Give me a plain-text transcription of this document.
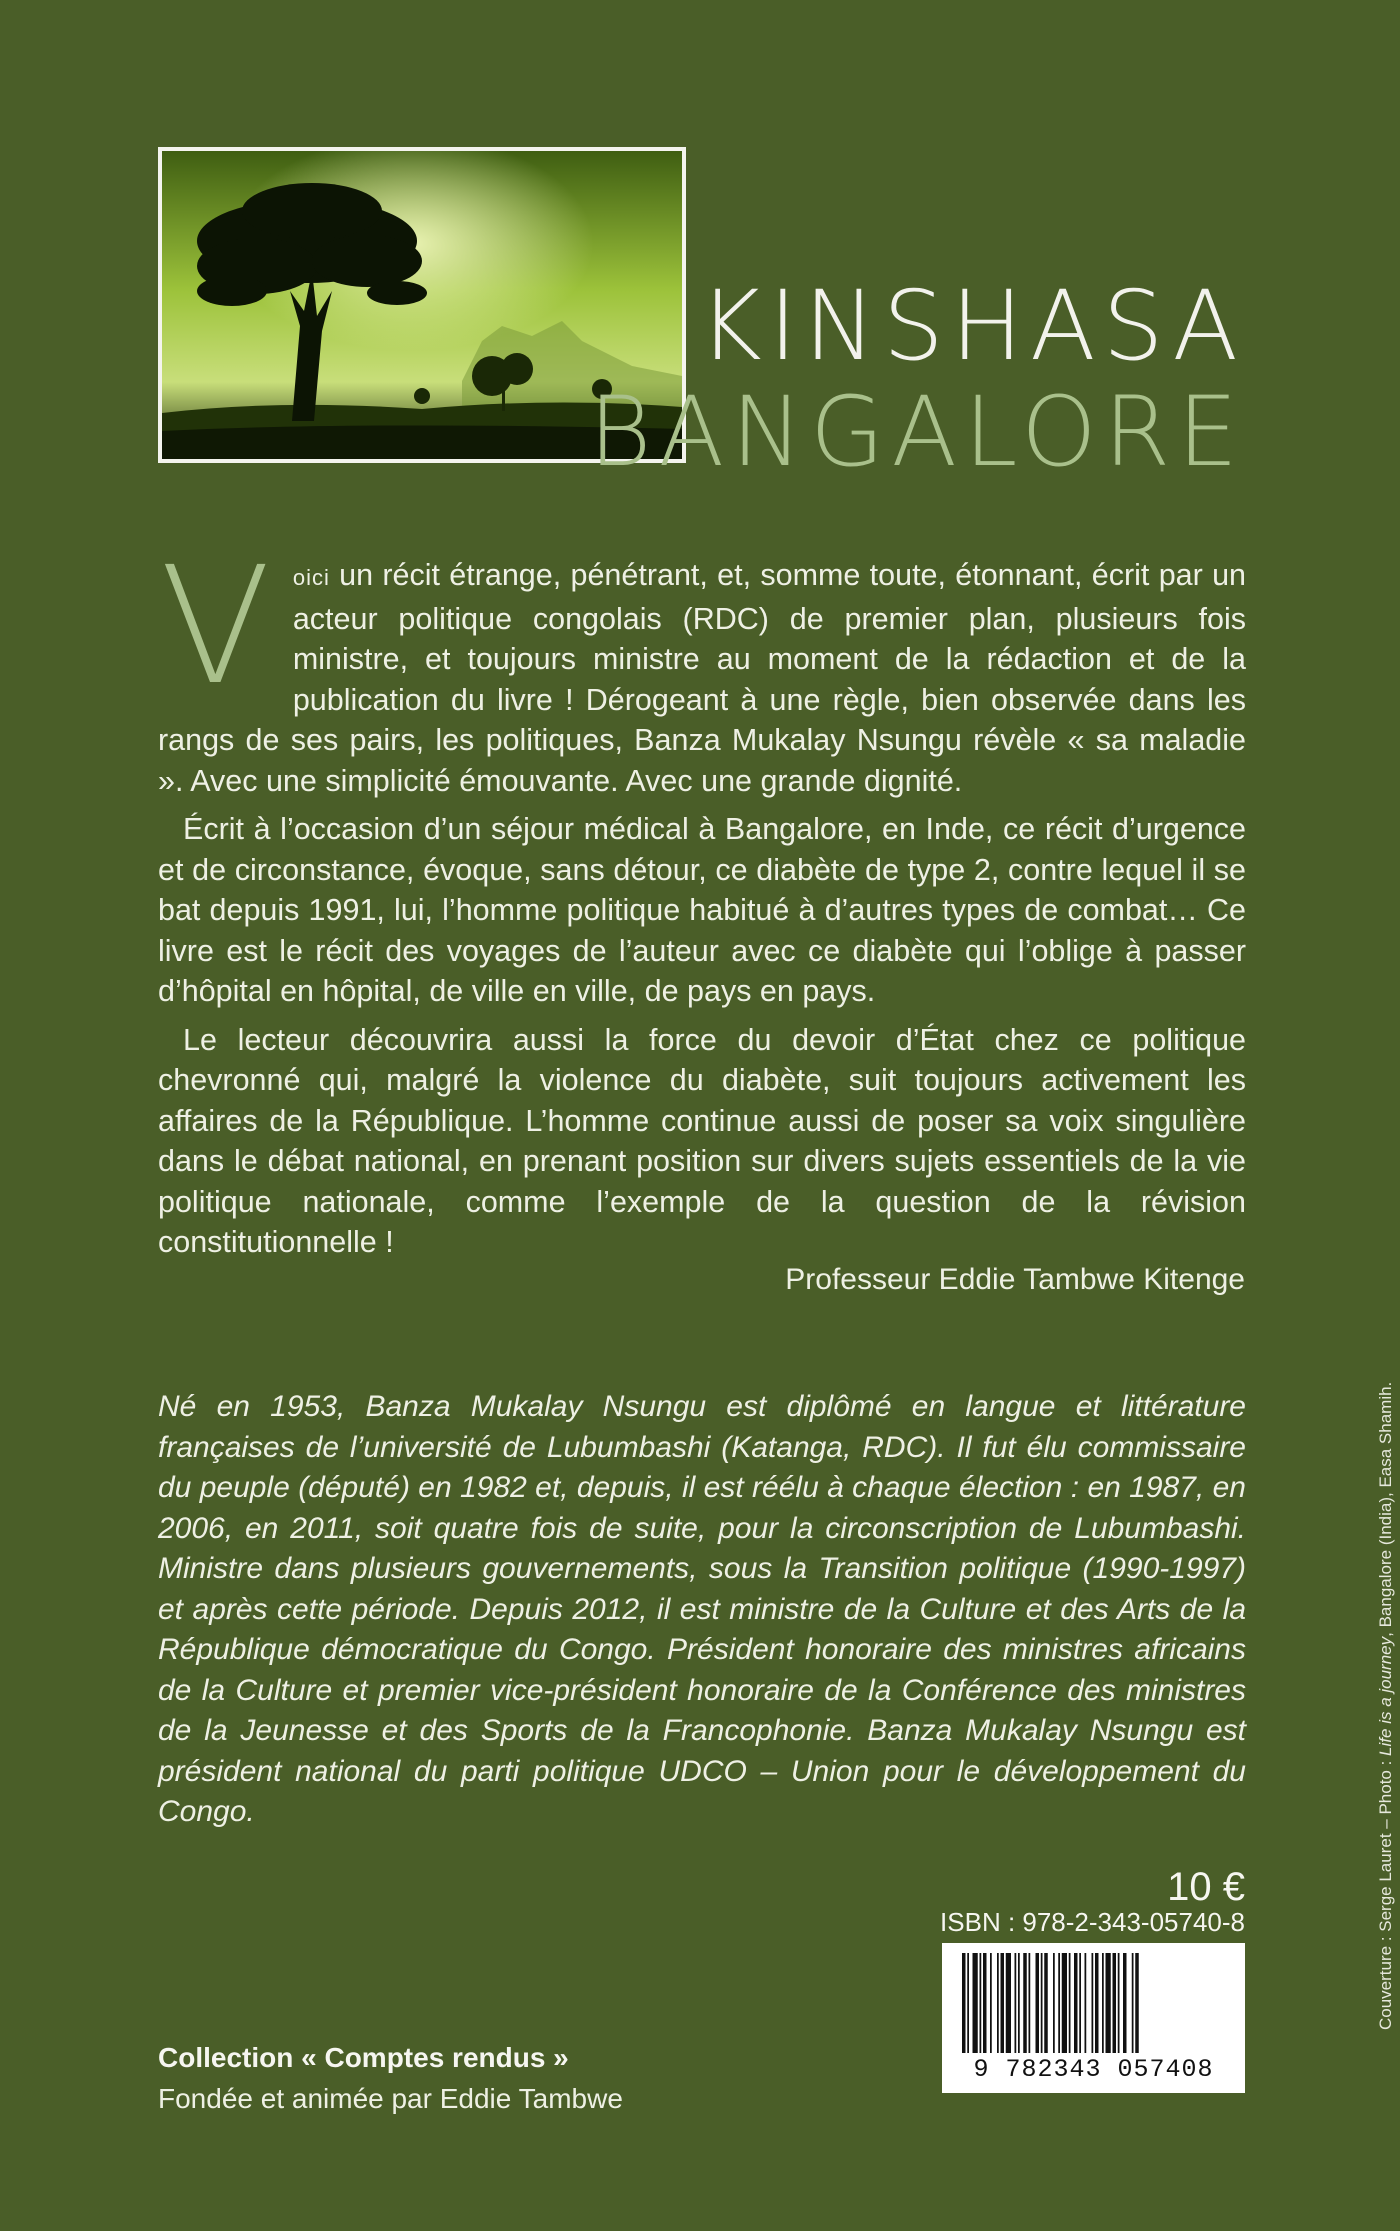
KINSHASA
BANGALORE

V oici un récit étrange, pénétrant, et, somme toute, étonnant, écrit par un acteur politique congolais (RDC) de premier plan, plusieurs fois ministre, et toujours ministre au moment de la rédaction et de la publication du livre ! Dérogeant à une règle, bien observée dans les rangs de ses pairs, les politiques, Banza Mukalay Nsungu révèle « sa maladie ». Avec une simplicité émouvante. Avec une grande dignité.

Écrit à l’occasion d’un séjour médical à Bangalore, en Inde, ce récit d’urgence et de circonstance, évoque, sans détour, ce diabète de type 2, contre lequel il se bat depuis 1991, lui, l’homme politique habitué à d’autres types de combat… Ce livre est le récit des voyages de l’auteur avec ce diabète qui l’oblige à passer d’hôpital en hôpital, de ville en ville, de pays en pays.

Le lecteur découvrira aussi la force du devoir d’État chez ce politique chevronné qui, malgré la violence du diabète, suit toujours activement les affaires de la République. L’homme continue aussi de poser sa voix singulière dans le débat national, en prenant position sur divers sujets essentiels de la vie politique nationale, comme l’exemple de la question de la révision constitutionnelle !

Professeur Eddie Tambwe Kitenge
Né en 1953, Banza Mukalay Nsungu est diplômé en langue et littérature françaises de l’université de Lubumbashi (Katanga, RDC). Il fut élu commissaire du peuple (député) en 1982 et, depuis, il est réélu à chaque élection : en 1987, en 2006, en 2011, soit quatre fois de suite, pour la circonscription de Lubumbashi. Ministre dans plusieurs gouvernements, sous la Transition politique (1990-1997) et après cette période. Depuis 2012, il est ministre de la Culture et des Arts de la République démocratique du Congo. Président honoraire des ministres africains de la Culture et premier vice-président honoraire de la Conférence des ministres de la Jeunesse et des Sports de la Francophonie. Banza Mukalay Nsungu est président national du parti politique UDCO – Union pour le développement du Congo.
10 €
ISBN : 978-2-343-05740-8
9 782343 057408
Collection « Comptes rendus »
Fondée et animée par Eddie Tambwe
Couverture : Serge Lauret – Photo : Life is a journey, Bangalore (India), Easa Shamih.
